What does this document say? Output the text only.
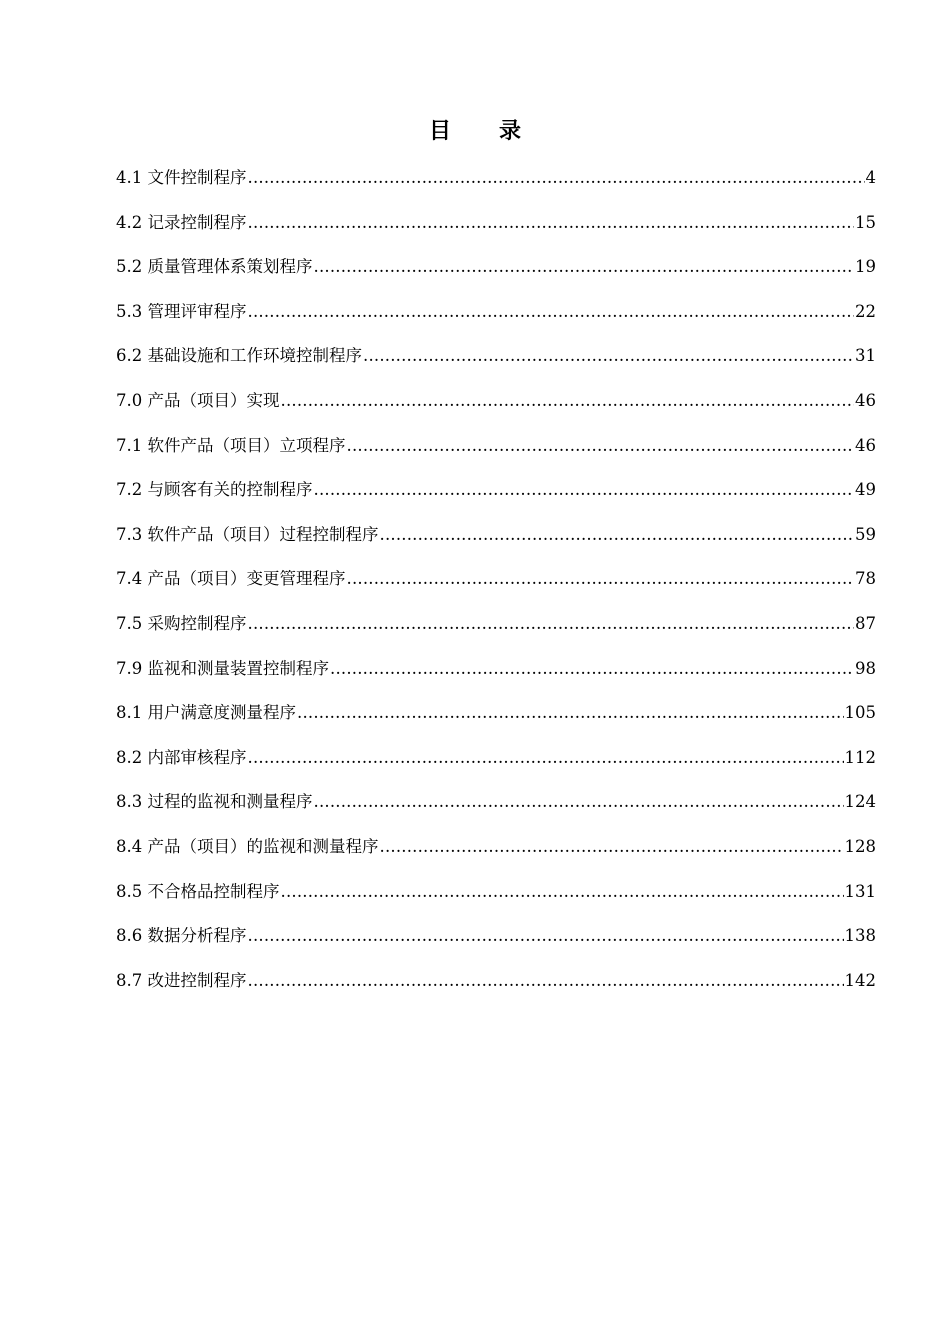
目 录
4.1 文件控制程序 .....	4
4.2 记录控制程序 .....	15
5.2 质量管理体系策划程序 .....	19
5.3 管理评审程序 .....	22
6.2 基础设施和工作环境控制程序 .....	31
7.0 产品（项目）实现 .....	46
7.1 软件产品（项目）立项程序 .....	46
7.2 与顾客有关的控制程序 .....	49
7.3 软件产品（项目）过程控制程序 .....	59
7.4 产品（项目）变更管理程序 .....	78
7.5 采购控制程序 .....	87
7.9 监视和测量装置控制程序 .....	98
8.1 用户满意度测量程序 .....	105
8.2 内部审核程序 .....	112
8.3 过程的监视和测量程序 .....	124
8.4 产品（项目）的监视和测量程序 .....	128
8.5 不合格品控制程序 .....	131
8.6 数据分析程序 .....	138
8.7 改进控制程序 .....	142
